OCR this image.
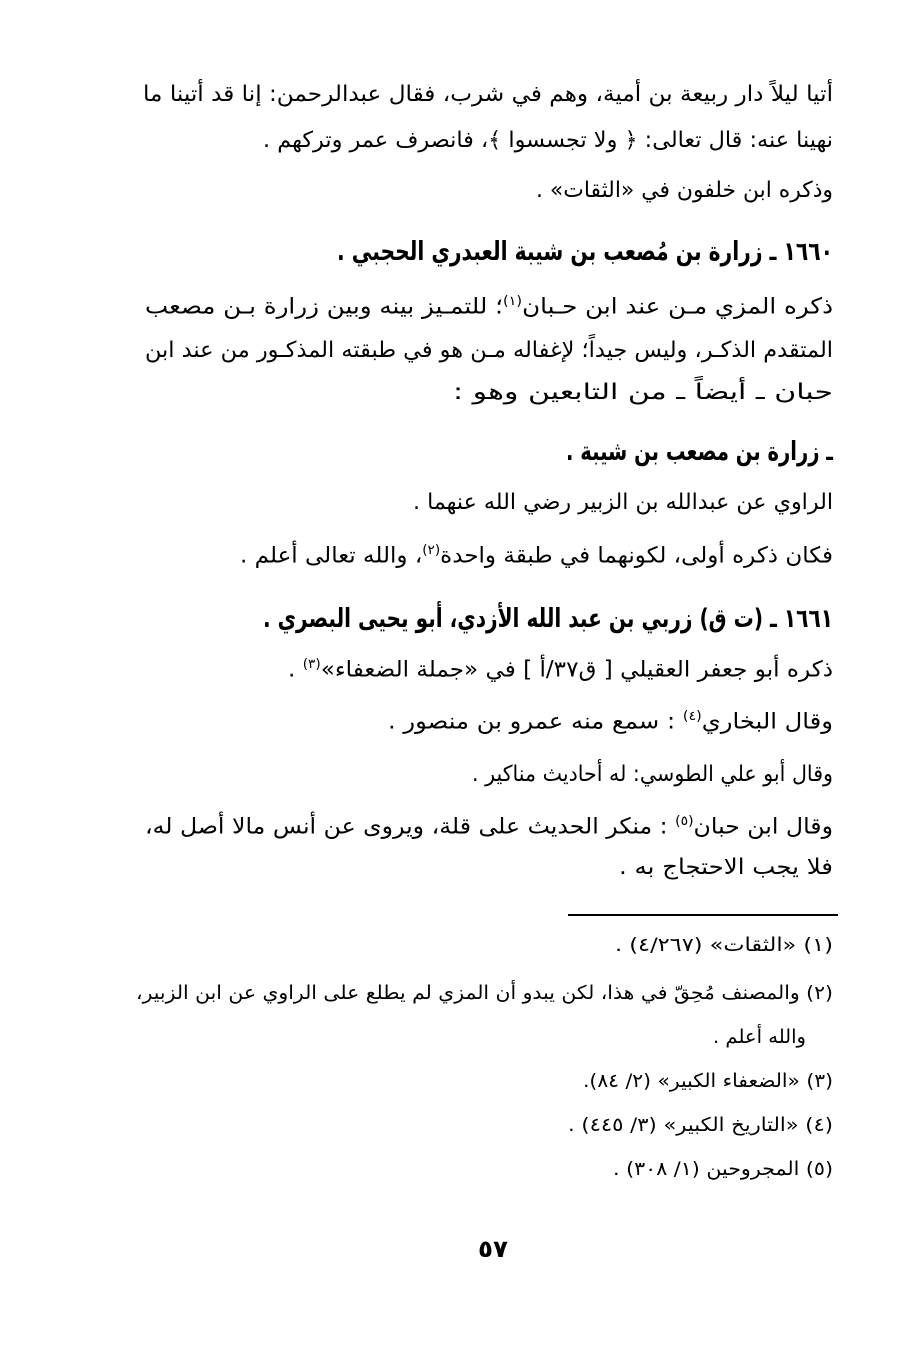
أتيا ليلاً دار ربيعة بن أمية، وهم في شرب، فقال عبدالرحمن: إنا قد أتينا ما
نهينا عنه: قال تعالى: ﴿ ولا تجسسوا ﴾، فانصرف عمر وتركهم .
وذكره ابن خلفون في «الثقات» .
١٦٦٠ ـ زرارة بن مُصعب بن شيبة العبدري الحجبي .
ذكره المزي مـن عند ابن حـبان$^{(١)}$؛ للتمـيز بينه وبين زرارة بـن مصعب
المتقدم الذكـر، وليس جيداً؛ لإغفاله مـن هو في طبقته المذكـور من عند ابن
حبان ـ أيضاً ـ من التابعين وهو :
ـ زرارة بن مصعب بن شيبة .
الراوي عن عبدالله بن الزبير رضي الله عنهما .
فكان ذكره أولى، لكونهما في طبقة واحدة$^{(٢)}$، والله تعالى أعلم .
١٦٦١ ـ (ت ق) زربي بن عبد الله الأزدي، أبو يحيى البصري .
ذكره أبو جعفر العقيلي [ ق٣٧/أ ] في «جملة الضعفاء»$^{(٣)}$ .
وقال البخاري$^{(٤)}$ : سمع منه عمرو بن منصور .
وقال أبو علي الطوسي: له أحاديث مناكير .
وقال ابن حبان$^{(٥)}$ : منكر الحديث على قلة، ويروى عن أنس مالا أصل له،
فلا يجب الاحتجاج به .
(١) «الثقات» (٤/٢٦٧) .
(٢) والمصنف مُحِقّ في هذا، لكن يبدو أن المزي لم يطلع على الراوي عن ابن الزبير،
والله أعلم .
(٣) «الضعفاء الكبير» (٢/ ٨٤).
(٤) «التاريخ الكبير» (٣/ ٤٤٥) .
(٥) المجروحين (١/ ٣٠٨) .
٥٧
